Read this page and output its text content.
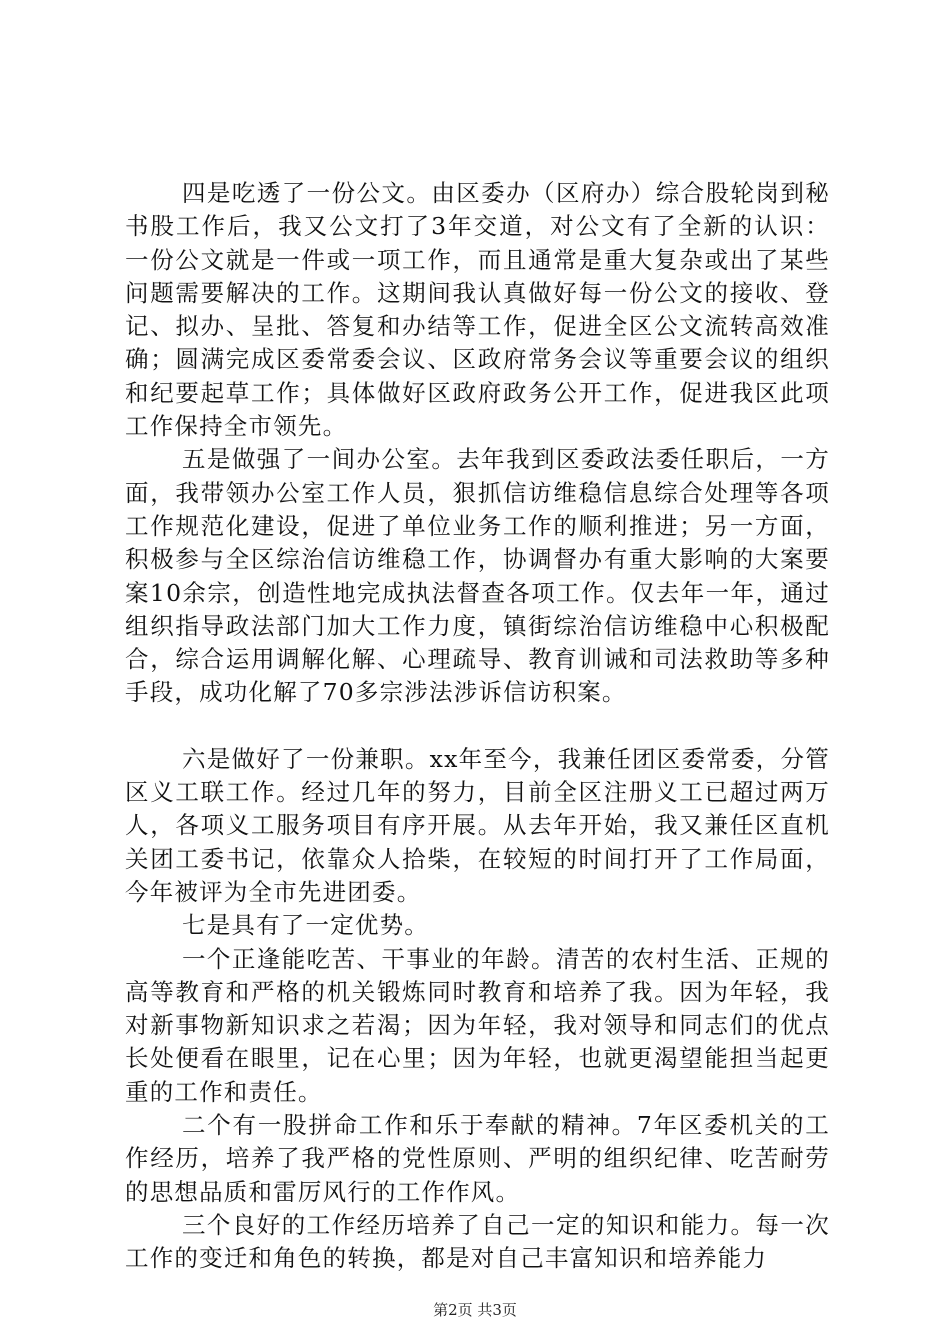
四是吃透了一份公文。由区委办（区府办）综合股轮岗到秘书股工作后，我又公文打了3年交道，对公文有了全新的认识：一份公文就是一件或一项工作，而且通常是重大复杂或出了某些问题需要解决的工作。这期间我认真做好每一份公文的接收、登记、拟办、呈批、答复和办结等工作，促进全区公文流转高效准确；圆满完成区委常委会议、区政府常务会议等重要会议的组织和纪要起草工作；具体做好区政府政务公开工作，促进我区此项工作保持全市领先。

五是做强了一间办公室。去年我到区委政法委任职后，一方面，我带领办公室工作人员，狠抓信访维稳信息综合处理等各项工作规范化建设，促进了单位业务工作的顺利推进；另一方面，积极参与全区综治信访维稳工作，协调督办有重大影响的大案要案10余宗，创造性地完成执法督查各项工作。仅去年一年，通过组织指导政法部门加大工作力度，镇街综治信访维稳中心积极配合，综合运用调解化解、心理疏导、教育训诫和司法救助等多种手段，成功化解了70多宗涉法涉诉信访积案。

六是做好了一份兼职。xx年至今，我兼任团区委常委，分管区义工联工作。经过几年的努力，目前全区注册义工已超过两万人，各项义工服务项目有序开展。从去年开始，我又兼任区直机关团工委书记，依靠众人拾柴，在较短的时间打开了工作局面，今年被评为全市先进团委。

七是具有了一定优势。

一个正逢能吃苦、干事业的年龄。清苦的农村生活、正规的高等教育和严格的机关锻炼同时教育和培养了我。因为年轻，我对新事物新知识求之若渴；因为年轻，我对领导和同志们的优点长处便看在眼里，记在心里；因为年轻，也就更渴望能担当起更重的工作和责任。

二个有一股拼命工作和乐于奉献的精神。7年区委机关的工作经历，培养了我严格的党性原则、严明的组织纪律、吃苦耐劳的思想品质和雷厉风行的工作作风。

三个良好的工作经历培养了自己一定的知识和能力。每一次工作的变迁和角色的转换，都是对自己丰富知识和培养能力

第2页 共3页
